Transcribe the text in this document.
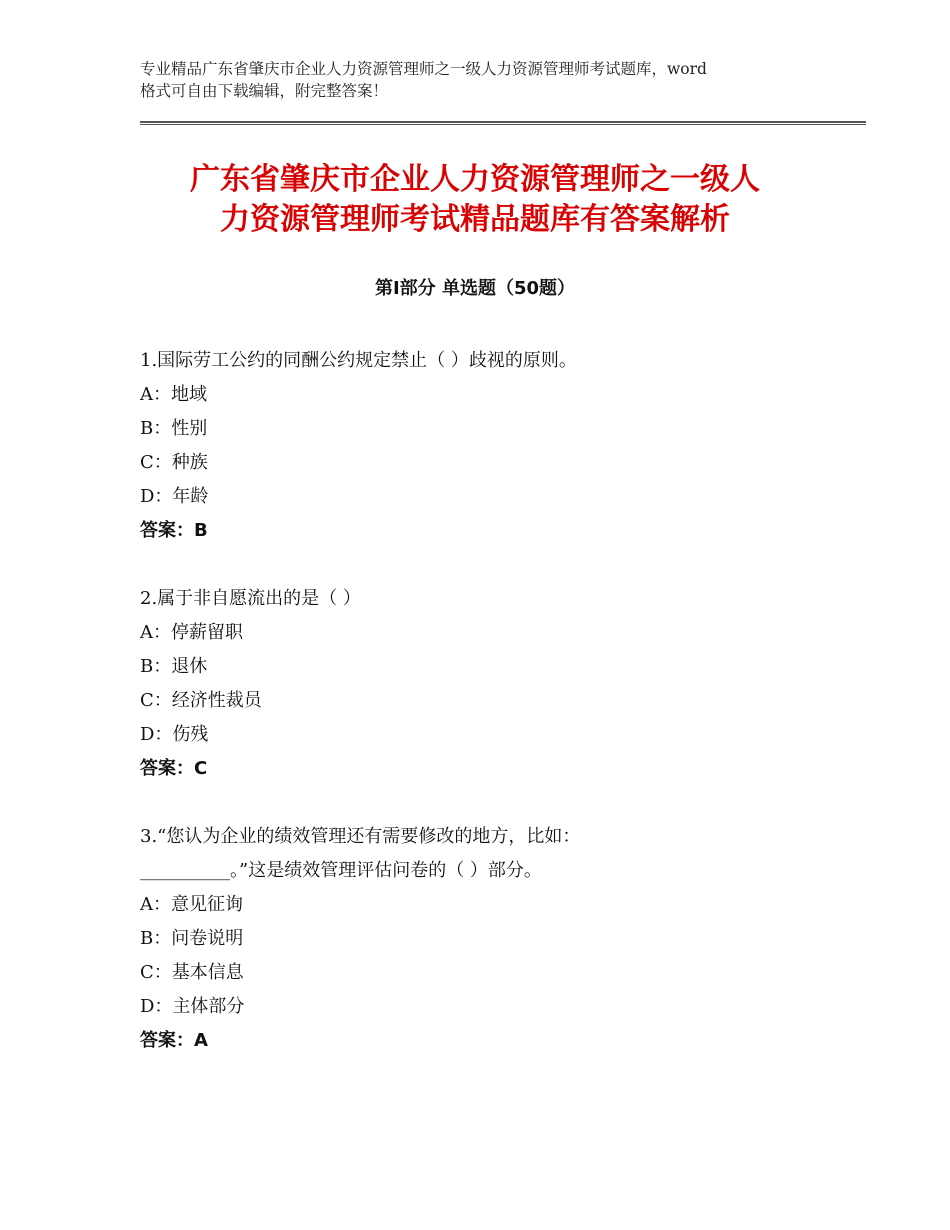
专业精品广东省肇庆市企业人力资源管理师之一级人力资源管理师考试题库，word
格式可自由下载编辑，附完整答案！
广东省肇庆市企业人力资源管理师之一级人
力资源管理师考试精品题库有答案解析
第Ⅰ部分 单选题（50题）
1.国际劳工公约的同酬公约规定禁止（ ）歧视的原则。
A：地域
B：性别
C：种族
D：年龄
答案：B
2.属于非自愿流出的是（ ）
A：停薪留职
B：退休
C：经济性裁员
D：伤残
答案：C
3.“您认为企业的绩效管理还有需要修改的地方，比如：
__________。”这是绩效管理评估问卷的（ ）部分。
A：意见征询
B：问卷说明
C：基本信息
D：主体部分
答案：A
